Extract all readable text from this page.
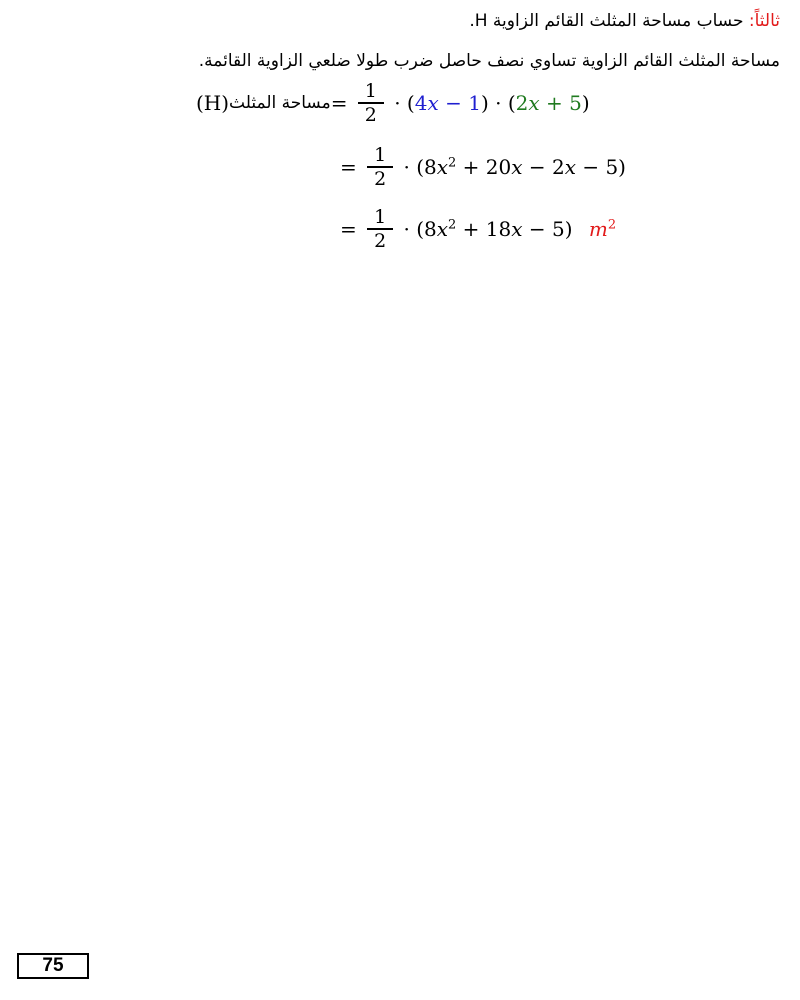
ثالثاً: حساب مساحة المثلث القائم الزاوية H.
مساحة المثلث القائم الزاوية تساوي نصف حاصل ضرب طولا ضلعي الزاوية القائمة.
(H)مساحة المثلث= $\frac{1}{2} \cdot (4x - 1) \cdot (2x + 5)$
= $\frac{1}{2} \cdot (8x^2 + 20x - 2x - 5)$
= $\frac{1}{2} \cdot (8x^2 + 18x - 5)$ $m^2$
75
